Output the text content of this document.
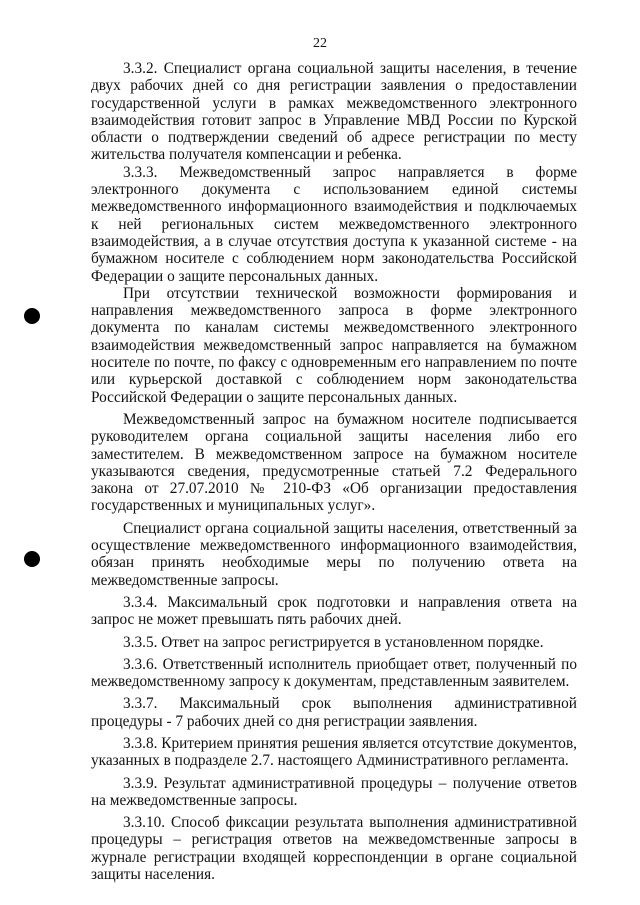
22

3.3.2. Специалист органа социальной защиты населения, в течение двух рабочих дней со дня регистрации заявления о предоставлении государственной услуги в рамках межведомственного электронного взаимодействия готовит запрос в Управление МВД России по Курской области о подтверждении сведений об адресе регистрации по месту жительства получателя компенсации и ребенка.

3.3.3. Межведомственный запрос направляется в форме электронного документа с использованием единой системы межведомственного информационного взаимодействия и подключаемых к ней региональных систем межведомственного электронного взаимодействия, а в случае отсутствия доступа к указанной системе - на бумажном носителе с соблюдением норм законодательства Российской Федерации о защите персональных данных.

При отсутствии технической возможности формирования и направления межведомственного запроса в форме электронного документа по каналам системы межведомственного электронного взаимодействия межведомственный запрос направляется на бумажном носителе по почте, по факсу с одновременным его направлением по почте или курьерской доставкой с соблюдением норм законодательства Российской Федерации о защите персональных данных.

Межведомственный запрос на бумажном носителе подписывается руководителем органа социальной защиты населения либо его заместителем. В межведомственном запросе на бумажном носителе указываются сведения, предусмотренные статьей 7.2 Федерального закона от 27.07.2010 № 210-ФЗ «Об организации предоставления государственных и муниципальных услуг».

Специалист органа социальной защиты населения, ответственный за осуществление межведомственного информационного взаимодействия, обязан принять необходимые меры по получению ответа на межведомственные запросы.

3.3.4. Максимальный срок подготовки и направления ответа на запрос не может превышать пять рабочих дней.

3.3.5. Ответ на запрос регистрируется в установленном порядке.

3.3.6. Ответственный исполнитель приобщает ответ, полученный по межведомственному запросу к документам, представленным заявителем.

3.3.7. Максимальный срок выполнения административной процедуры - 7 рабочих дней со дня регистрации заявления.

3.3.8. Критерием принятия решения является отсутствие документов, указанных в подразделе 2.7. настоящего Административного регламента.

3.3.9. Результат административной процедуры – получение ответов на межведомственные запросы.

3.3.10. Способ фиксации результата выполнения административной процедуры – регистрация ответов на межведомственные запросы в журнале регистрации входящей корреспонденции в органе социальной защиты населения.
